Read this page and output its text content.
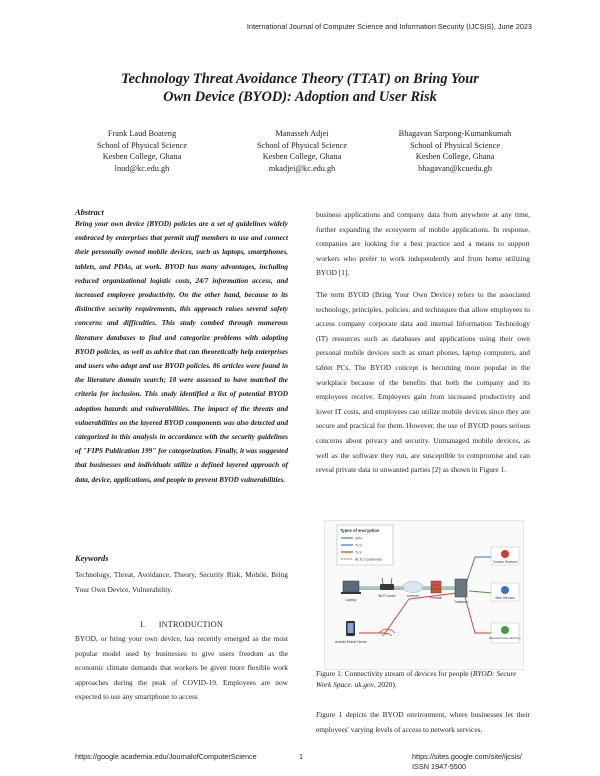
International Journal of Computer Science and Information Security (IJCSIS), June 2023
Technology Threat Avoidance Theory (TTAT) on Bring Your
Own Device (BYOD): Adoption and User Risk
Frank Laud Boateng
School of Physical Science
Kesben College, Ghana
lnud@kc.edu.gh
Manasseh Adjei
School of Physical Science
Kesben College, Ghana
mkadjei@kc.edu.gh
Bhagavan Sarpong-Kumankumah
School of Physical Science
Kesben College, Ghana
bhagavan@kcuedu.gh
Abstract

Bring your own device (BYOD) policies are a set of guidelines widely embraced by enterprises that permit staff members to use and connect their personally owned mobile devices, such as laptops, smartphones, tablets, and PDAs, at work. BYOD has many advantages, including reduced organizational logistic costs, 24/7 information access, and increased employee productivity. On the other hand, because to its distinctive security requirements, this approach raises several safety concerns and difficulties. This study combed through numerous literature databases to find and categorize problems with adopting BYOD policies, as well as advice that can theoretically help enterprises and users who adopt and use BYOD policies. 86 articles were found in the literature domain search; 18 were assessed to have matched the criteria for inclusion. This study identified a list of potential BYOD adoption hazards and vulnerabilities. The impact of the threats and vulnerabilities on the layered BYOD components was also detected and categorized in this analysis in accordance with the security guidelines of "FIPS Publication 199" for categorization. Finally, it was suggested that businesses and individuals utilize a defined layered approach of data, device, applications, and people to prevent BYOD vulnerabilities.

Keywords

Technology, Threat, Avoidance, Theory, Security Risk, Mobile, Bring Your Own Device, Vulnerability.

I. INTRODUCTION

BYOD, or bring your own device, has recently emerged as the most popular model used by businesses to give users freedom as the economic climate demands that workers be given more flexible work approaches during the peak of COVID-19. Employees are now expected to use any smartphone to access

business applications and company data from anywhere at any time, further expanding the ecosystem of mobile applications. In response, companies are looking for a best practice and a means to support workers who prefer to work independently and from home utilizing BYOD [1].

The term BYOD (Bring Your Own Device) refers to the associated technology, principles, policies, and techniques that allow employees to access company corporate data and internal Information Technology (IT) resources such as databases and applications using their own personal mobile devices such as smart phones, laptop computers, and tablet PCs. The BYOD concept is becoming more popular in the workplace because of the benefits that both the company and its employees receive. Employers gain from increased productivity and lower IT costs, and employees can utilize mobile devices since they are secure and practical for them. However, the use of BYOD poses serious concerns about privacy and security. Unmanaged mobile devices, as well as the software they run, are susceptible to compromise and can reveal private data to unwanted parties [2] as shown in Figure 1.

Types of encryption
uPN
TLS
TLS
BLTLS (optional)
Laptop
Wi-Fi router	Internet	Firewall
Gateway
Custom Services
Web Services
Microsoft Active Directory
Android Mobile Device

Figure 1: Connectivity stream of devices for people (BYOD: Secure Work Space. uk.gov, 2020).

Figure 1 depicts the BYOD environment, where businesses let their employees' varying levels of access to network services.

https://google.academia.edu/JournalofComputerScience	1	https://sites.google.com/site/ijcsis/
ISSN 1947-5500
